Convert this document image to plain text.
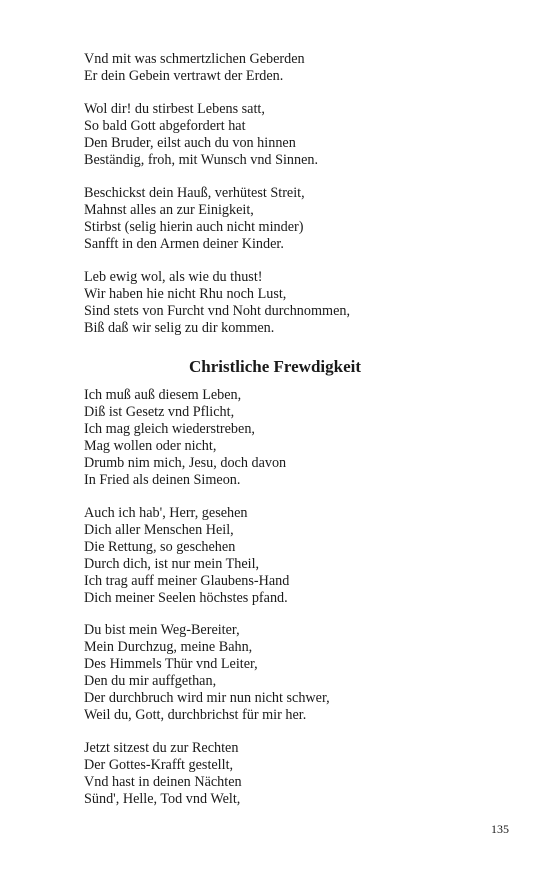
Vnd mit was schmertzlichen Geberden
Er dein Gebein vertrawt der Erden.
Wol dir! du stirbest Lebens satt,
So bald Gott abgefordert hat
Den Bruder, eilst auch du von hinnen
Beständig, froh, mit Wunsch vnd Sinnen.
Beschickst dein Hauß, verhütest Streit,
Mahnst alles an zur Einigkeit,
Stirbst (selig hierin auch nicht minder)
Sanfft in den Armen deiner Kinder.
Leb ewig wol, als wie du thust!
Wir haben hie nicht Rhu noch Lust,
Sind stets von Furcht vnd Noht durchnommen,
Biß daß wir selig zu dir kommen.
Christliche Frewdigkeit
Ich muß auß diesem Leben,
Diß ist Gesetz vnd Pflicht,
Ich mag gleich wiederstreben,
Mag wollen oder nicht,
Drumb nim mich, Jesu, doch davon
In Fried als deinen Simeon.
Auch ich hab', Herr, gesehen
Dich aller Menschen Heil,
Die Rettung, so geschehen
Durch dich, ist nur mein Theil,
Ich trag auff meiner Glaubens-Hand
Dich meiner Seelen höchstes pfand.
Du bist mein Weg-Bereiter,
Mein Durchzug, meine Bahn,
Des Himmels Thür vnd Leiter,
Den du mir auffgethan,
Der durchbruch wird mir nun nicht schwer,
Weil du, Gott, durchbrichst für mir her.
Jetzt sitzest du zur Rechten
Der Gottes-Krafft gestellt,
Vnd hast in deinen Nächten
Sünd', Helle, Tod vnd Welt,
135
